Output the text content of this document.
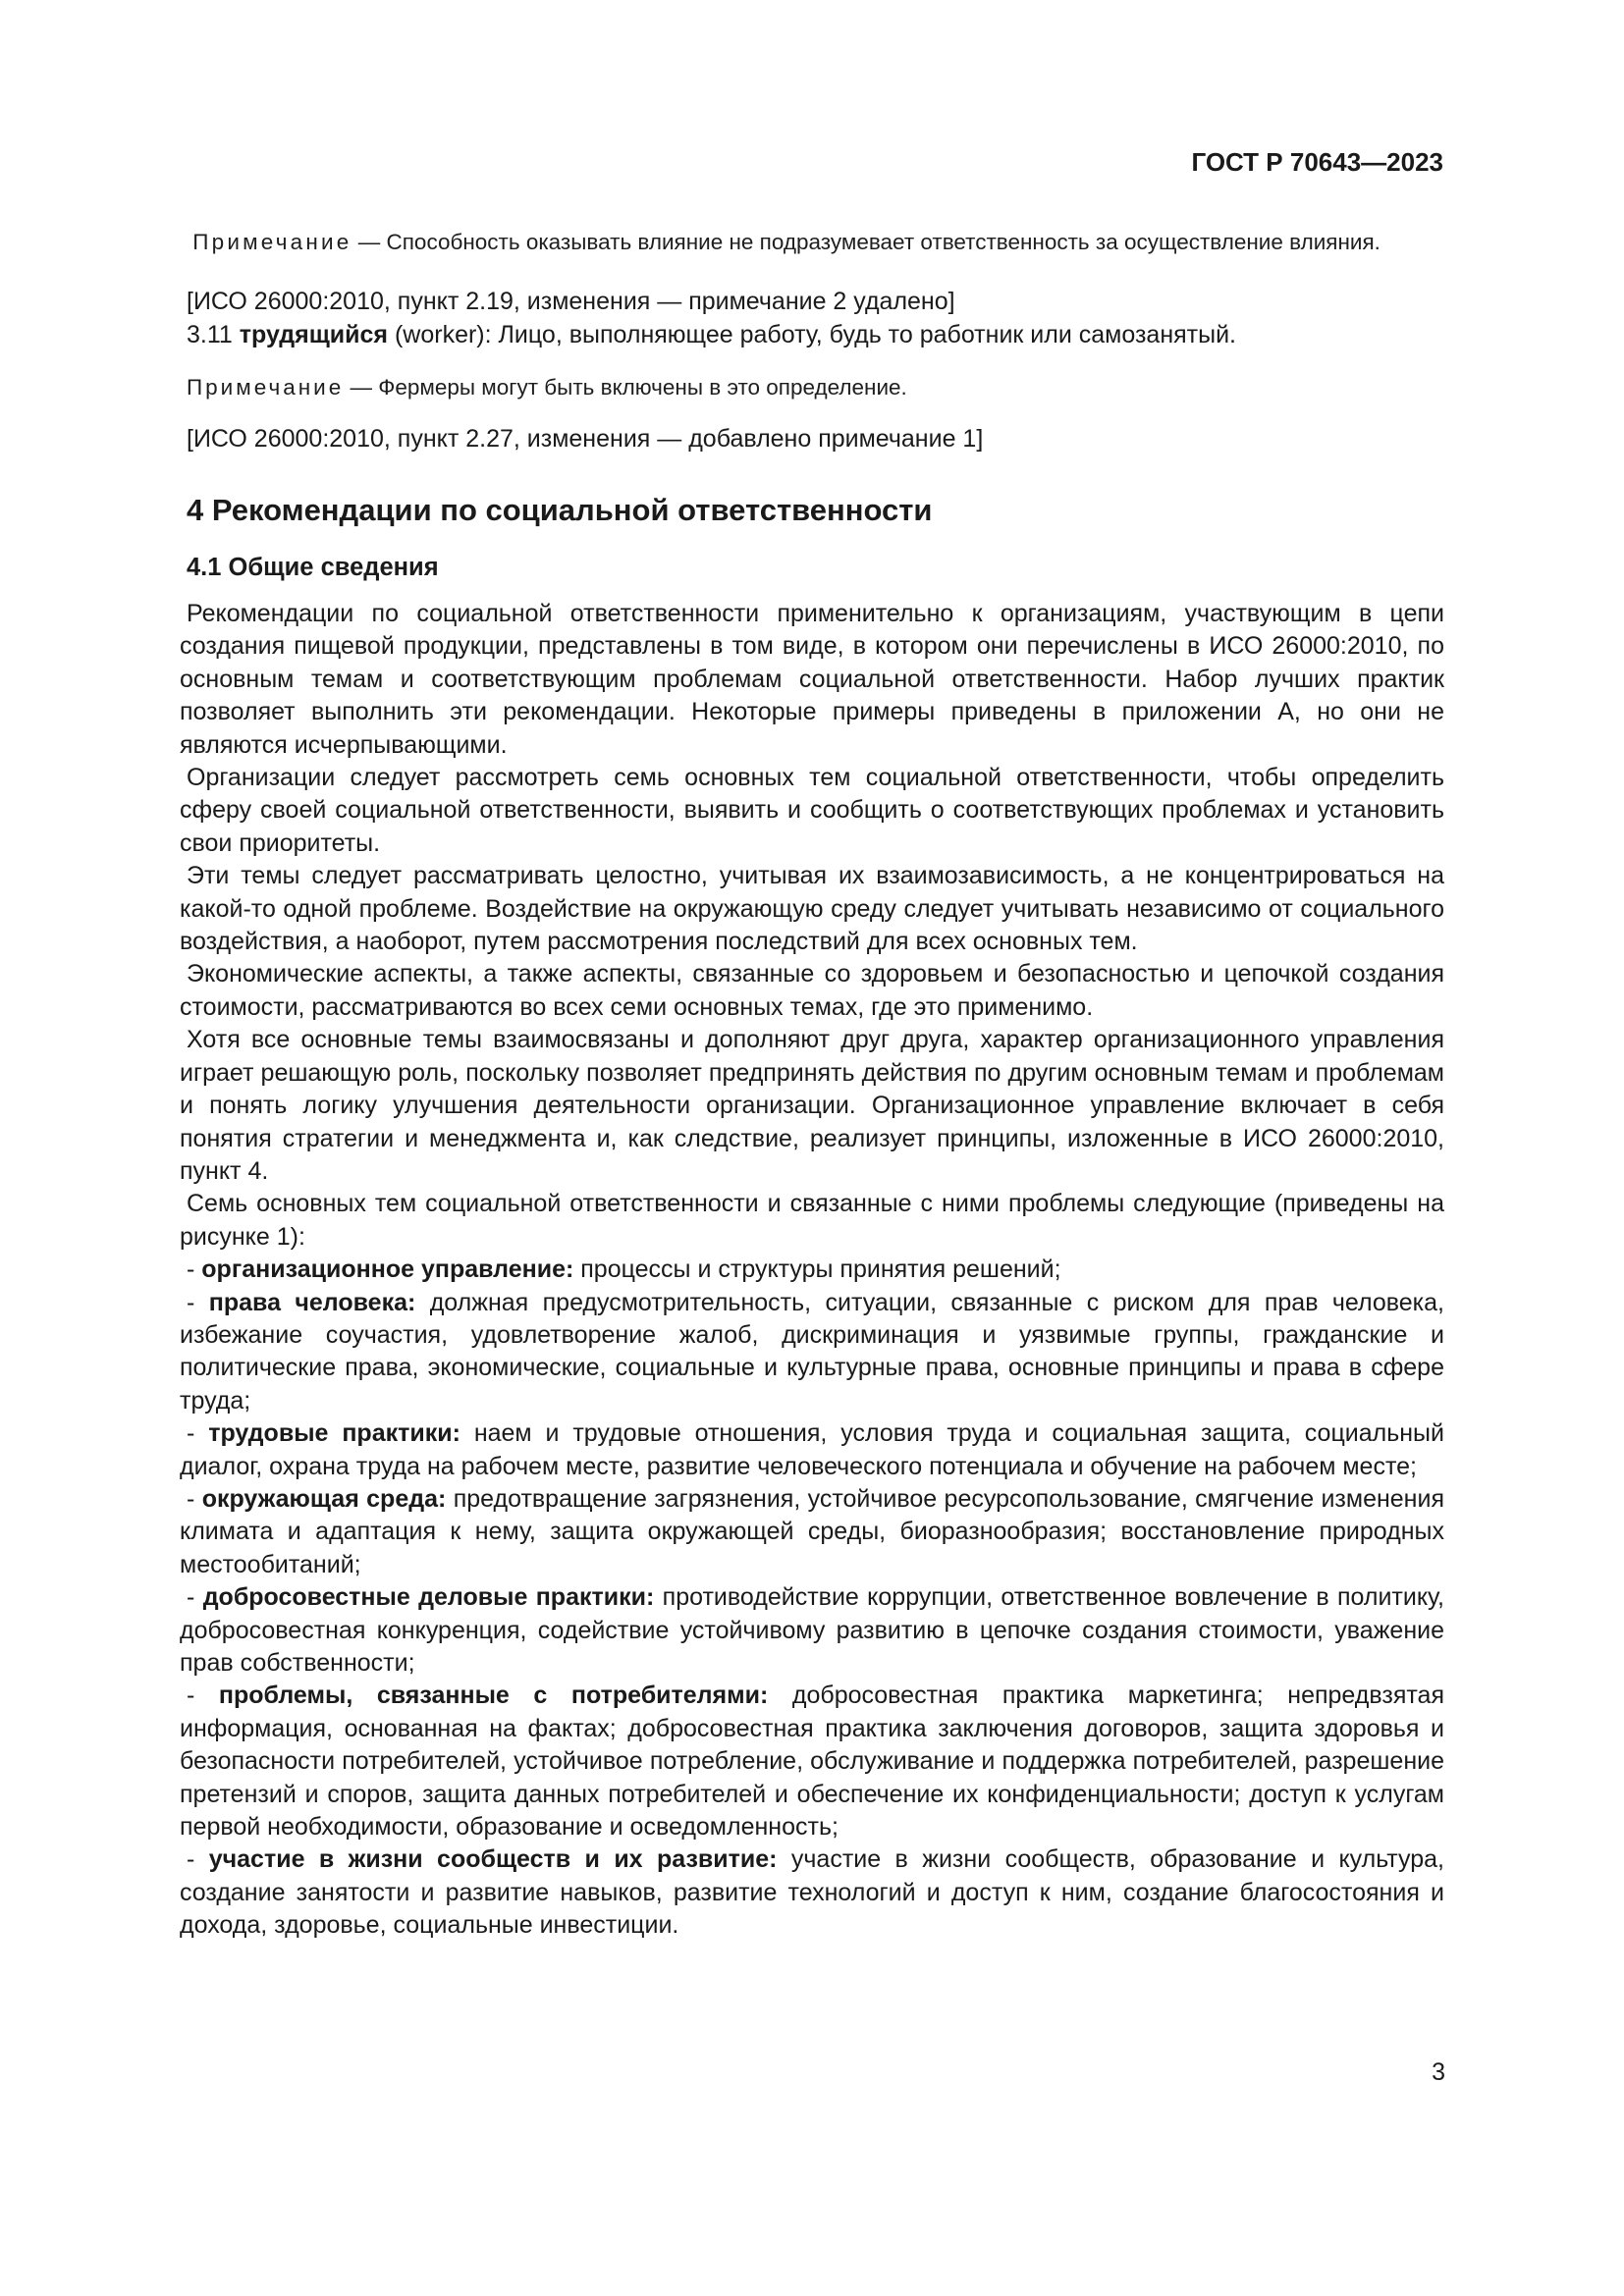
ГОСТ Р 70643—2023
Примечание — Способность оказывать влияние не подразумевает ответственность за осуществление влияния.

[ИСО 26000:2010, пункт 2.19, изменения — примечание 2 удалено]

3.11 трудящийся (worker): Лицо, выполняющее работу, будь то работник или самозанятый.

Примечание — Фермеры могут быть включены в это определение.

[ИСО 26000:2010, пункт 2.27, изменения — добавлено примечание 1]

4 Рекомендации по социальной ответственности
4.1 Общие сведения

Рекомендации по социальной ответственности применительно к организациям, участвующим в цепи создания пищевой продукции, представлены в том виде, в котором они перечислены в ИСО 26000:2010, по основным темам и соответствующим проблемам социальной ответственности. Набор лучших практик позволяет выполнить эти рекомендации. Некоторые примеры приведены в приложении А, но они не являются исчерпывающими.

Организации следует рассмотреть семь основных тем социальной ответственности, чтобы определить сферу своей социальной ответственности, выявить и сообщить о соответствующих проблемах и установить свои приоритеты.

Эти темы следует рассматривать целостно, учитывая их взаимозависимость, а не концентрироваться на какой-то одной проблеме. Воздействие на окружающую среду следует учитывать независимо от социального воздействия, а наоборот, путем рассмотрения последствий для всех основных тем.

Экономические аспекты, а также аспекты, связанные со здоровьем и безопасностью и цепочкой создания стоимости, рассматриваются во всех семи основных темах, где это применимо.

Хотя все основные темы взаимосвязаны и дополняют друг друга, характер организационного управления играет решающую роль, поскольку позволяет предпринять действия по другим основным темам и проблемам и понять логику улучшения деятельности организации. Организационное управление включает в себя понятия стратегии и менеджмента и, как следствие, реализует принципы, изложенные в ИСО 26000:2010, пункт 4.

Семь основных тем социальной ответственности и связанные с ними проблемы следующие (приведены на рисунке 1):

- организационное управление: процессы и структуры принятия решений;

- права человека: должная предусмотрительность, ситуации, связанные с риском для прав человека, избежание соучастия, удовлетворение жалоб, дискриминация и уязвимые группы, гражданские и политические права, экономические, социальные и культурные права, основные принципы и права в сфере труда;

- трудовые практики: наем и трудовые отношения, условия труда и социальная защита, социальный диалог, охрана труда на рабочем месте, развитие человеческого потенциала и обучение на рабочем месте;

- окружающая среда: предотвращение загрязнения, устойчивое ресурсопользование, смягчение изменения климата и адаптация к нему, защита окружающей среды, биоразнообразия; восстановление природных местообитаний;

- добросовестные деловые практики: противодействие коррупции, ответственное вовлечение в политику, добросовестная конкуренция, содействие устойчивому развитию в цепочке создания стоимости, уважение прав собственности;

- проблемы, связанные с потребителями: добросовестная практика маркетинга; непредвзятая информация, основанная на фактах; добросовестная практика заключения договоров, защита здоровья и безопасности потребителей, устойчивое потребление, обслуживание и поддержка потребителей, разрешение претензий и споров, защита данных потребителей и обеспечение их конфиденциальности; доступ к услугам первой необходимости, образование и осведомленность;

- участие в жизни сообществ и их развитие: участие в жизни сообществ, образование и культура, создание занятости и развитие навыков, развитие технологий и доступ к ним, создание благосостояния и дохода, здоровье, социальные инвестиции.

3
